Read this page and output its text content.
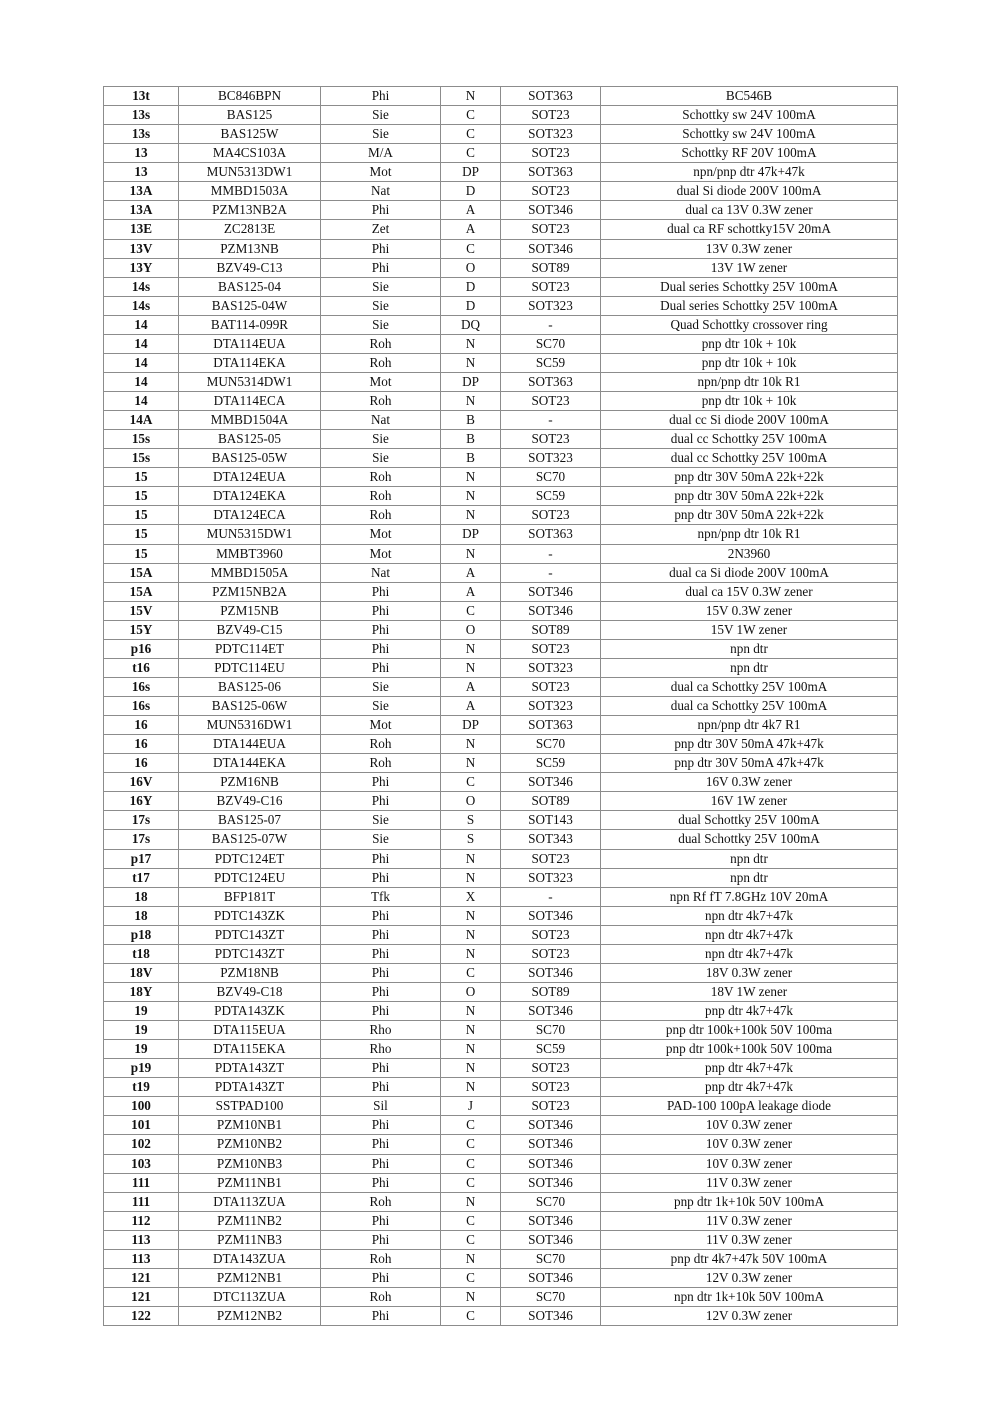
13t	BC846BPN	Phi	N	SOT363	BC546B
13s	BAS125	Sie	C	SOT23	Schottky sw 24V 100mA
13s	BAS125W	Sie	C	SOT323	Schottky sw 24V 100mA
13	MA4CS103A	M/A	C	SOT23	Schottky RF 20V 100mA
13	MUN5313DW1	Mot	DP	SOT363	npn/pnp dtr 47k+47k
13A	MMBD1503A	Nat	D	SOT23	dual Si diode 200V 100mA
13A	PZM13NB2A	Phi	A	SOT346	dual ca 13V 0.3W zener
13E	ZC2813E	Zet	A	SOT23	dual ca RF schottky15V 20mA
13V	PZM13NB	Phi	C	SOT346	13V 0.3W zener
13Y	BZV49-C13	Phi	O	SOT89	13V 1W zener
14s	BAS125-04	Sie	D	SOT23	Dual series Schottky 25V 100mA
14s	BAS125-04W	Sie	D	SOT323	Dual series Schottky 25V 100mA
14	BAT114-099R	Sie	DQ	-	Quad Schottky crossover ring
14	DTA114EUA	Roh	N	SC70	pnp dtr 10k + 10k
14	DTA114EKA	Roh	N	SC59	pnp dtr 10k + 10k
14	MUN5314DW1	Mot	DP	SOT363	npn/pnp dtr 10k R1
14	DTA114ECA	Roh	N	SOT23	pnp dtr 10k + 10k
14A	MMBD1504A	Nat	B	-	dual cc Si diode 200V 100mA
15s	BAS125-05	Sie	B	SOT23	dual cc Schottky 25V 100mA
15s	BAS125-05W	Sie	B	SOT323	dual cc Schottky 25V 100mA
15	DTA124EUA	Roh	N	SC70	pnp dtr 30V 50mA 22k+22k
15	DTA124EKA	Roh	N	SC59	pnp dtr 30V 50mA 22k+22k
15	DTA124ECA	Roh	N	SOT23	pnp dtr 30V 50mA 22k+22k
15	MUN5315DW1	Mot	DP	SOT363	npn/pnp dtr 10k R1
15	MMBT3960	Mot	N	-	2N3960
15A	MMBD1505A	Nat	A	-	dual ca Si diode 200V 100mA
15A	PZM15NB2A	Phi	A	SOT346	dual ca 15V 0.3W zener
15V	PZM15NB	Phi	C	SOT346	15V 0.3W zener
15Y	BZV49-C15	Phi	O	SOT89	15V 1W zener
p16	PDTC114ET	Phi	N	SOT23	npn dtr
t16	PDTC114EU	Phi	N	SOT323	npn dtr
16s	BAS125-06	Sie	A	SOT23	dual ca Schottky 25V 100mA
16s	BAS125-06W	Sie	A	SOT323	dual ca Schottky 25V 100mA
16	MUN5316DW1	Mot	DP	SOT363	npn/pnp dtr 4k7 R1
16	DTA144EUA	Roh	N	SC70	pnp dtr 30V 50mA 47k+47k
16	DTA144EKA	Roh	N	SC59	pnp dtr 30V 50mA 47k+47k
16V	PZM16NB	Phi	C	SOT346	16V 0.3W zener
16Y	BZV49-C16	Phi	O	SOT89	16V 1W zener
17s	BAS125-07	Sie	S	SOT143	dual Schottky 25V 100mA
17s	BAS125-07W	Sie	S	SOT343	dual Schottky 25V 100mA
p17	PDTC124ET	Phi	N	SOT23	npn dtr
t17	PDTC124EU	Phi	N	SOT323	npn dtr
18	BFP181T	Tfk	X	-	npn Rf fT 7.8GHz 10V 20mA
18	PDTC143ZK	Phi	N	SOT346	npn dtr 4k7+47k
p18	PDTC143ZT	Phi	N	SOT23	npn dtr 4k7+47k
t18	PDTC143ZT	Phi	N	SOT23	npn dtr 4k7+47k
18V	PZM18NB	Phi	C	SOT346	18V 0.3W zener
18Y	BZV49-C18	Phi	O	SOT89	18V 1W zener
19	PDTA143ZK	Phi	N	SOT346	pnp dtr 4k7+47k
19	DTA115EUA	Rho	N	SC70	pnp dtr 100k+100k 50V 100ma
19	DTA115EKA	Rho	N	SC59	pnp dtr 100k+100k 50V 100ma
p19	PDTA143ZT	Phi	N	SOT23	pnp dtr 4k7+47k
t19	PDTA143ZT	Phi	N	SOT23	pnp dtr 4k7+47k
100	SSTPAD100	Sil	J	SOT23	PAD-100 100pA leakage diode
101	PZM10NB1	Phi	C	SOT346	10V 0.3W zener
102	PZM10NB2	Phi	C	SOT346	10V 0.3W zener
103	PZM10NB3	Phi	C	SOT346	10V 0.3W zener
111	PZM11NB1	Phi	C	SOT346	11V 0.3W zener
111	DTA113ZUA	Roh	N	SC70	pnp dtr 1k+10k 50V 100mA
112	PZM11NB2	Phi	C	SOT346	11V 0.3W zener
113	PZM11NB3	Phi	C	SOT346	11V 0.3W zener
113	DTA143ZUA	Roh	N	SC70	pnp dtr 4k7+47k 50V 100mA
121	PZM12NB1	Phi	C	SOT346	12V 0.3W zener
121	DTC113ZUA	Roh	N	SC70	npn dtr 1k+10k 50V 100mA
122	PZM12NB2	Phi	C	SOT346	12V 0.3W zener
